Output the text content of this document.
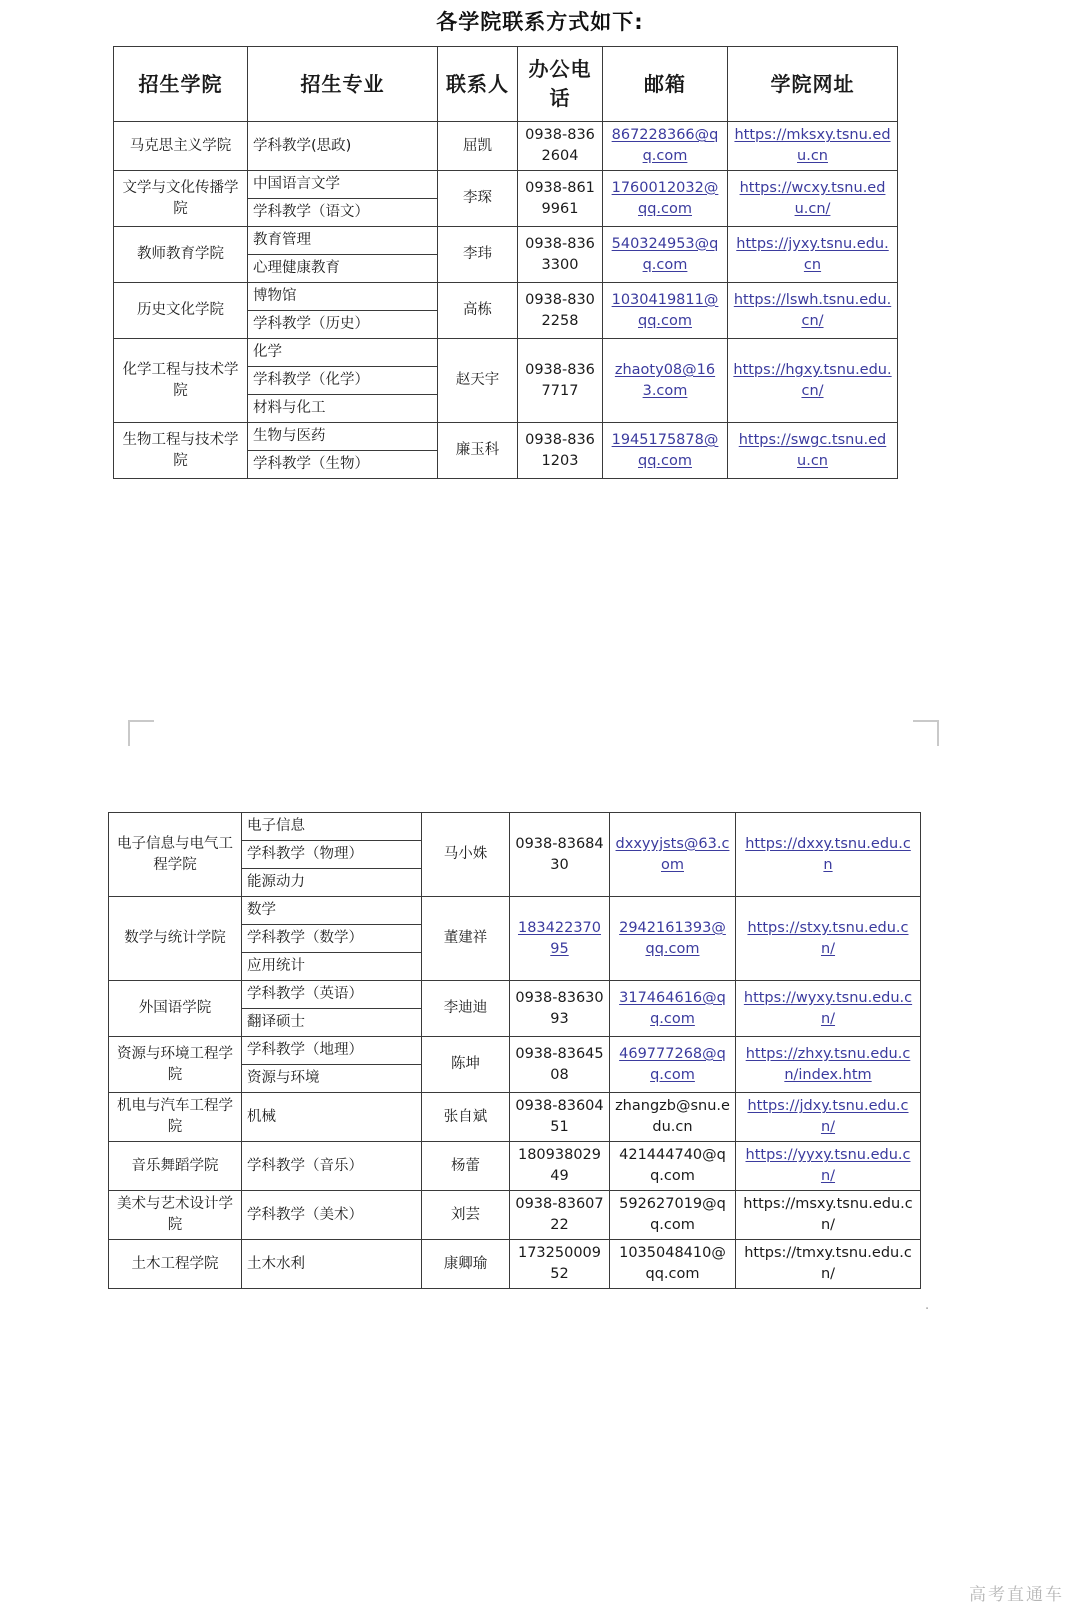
各学院联系方式如下:
招生学院	招生专业	联系人	办公电话	邮箱	学院网址
马克思主义学院	学科教学(思政)	屈凯	0938-8362604	867228366@qq.com	https://mksxy.tsnu.edu.cn
文学与文化传播学院	中国语言文学	李琛	0938-8619961	1760012032@qq.com	https://wcxy.tsnu.edu.cn/
	学科教学（语文）				
教师教育学院	教育管理	李玮	0938-8363300	540324953@qq.com	https://jyxy.tsnu.edu.cn
	心理健康教育				
历史文化学院	博物馆	高栋	0938-8302258	1030419811@qq.com	https://lswh.tsnu.edu.cn/
	学科教学（历史）				
化学工程与技术学院	化学	赵天宇	0938-8367717	zhaoty08@163.com	https://hgxy.tsnu.edu.cn/
	学科教学（化学）				
	材料与化工				
生物工程与技术学院	生物与医药	廉玉科	0938-8361203	1945175878@qq.com	https://swgc.tsnu.edu.cn
	学科教学（生物）				
电子信息与电气工程学院	电子信息	马小姝	0938-8368430	dxxyyjsts@63.com	https://dxxy.tsnu.edu.cn
	学科教学（物理）				
	能源动力				
数学与统计学院	数学	董建祥	18342237095	2942161393@qq.com	https://stxy.tsnu.edu.cn/
	学科教学（数学）				
	应用统计				
外国语学院	学科教学（英语）	李迪迪	0938-8363093	317464616@qq.com	https://wyxy.tsnu.edu.cn/
	翻译硕士				
资源与环境工程学院	学科教学（地理）	陈坤	0938-8364508	469777268@qq.com	https://zhxy.tsnu.edu.cn/index.htm
	资源与环境				
机电与汽车工程学院	机械	张自斌	0938-8360451	zhangzb@snu.edu.cn	https://jdxy.tsnu.edu.cn/
音乐舞蹈学院	学科教学（音乐）	杨蕾	18093802949	421444740@qq.com	https://yyxy.tsnu.edu.cn/
美术与艺术设计学院	学科教学（美术）	刘芸	0938-8360722	592627019@qq.com	https://msxy.tsnu.edu.cn/
土木工程学院	土木水利	康卿瑜	17325000952	1035048410@qq.com	https://tmxy.tsnu.edu.cn/
.
高考直通车
